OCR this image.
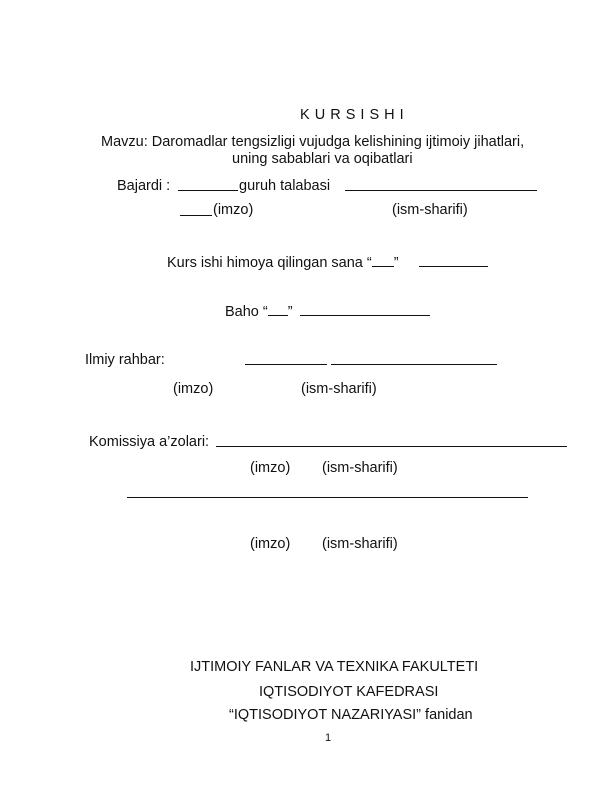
K U R S I S H I
Mavzu: Daromadlar tengsizligi vujudga kelishining ijtimoiy jihatlari,
uning sabablari va oqibatlari
Bajardi :	guruh talabasi
(imzo)	(ism-sharifi)
Kurs ishi himoya qilingan sana “ ”
Baho “ ”
Ilmiy rahbar:
(imzo)	(ism-sharifi)
Komissiya a’zolari:
(imzo) (ism-sharifi)
(imzo) (ism-sharifi)
IJTIMOIY FANLAR VA TEXNIKA FAKULTETI
IQTISODIYOT KAFEDRASI
“IQTISODIYOT NAZARIYASI” fanidan
1
